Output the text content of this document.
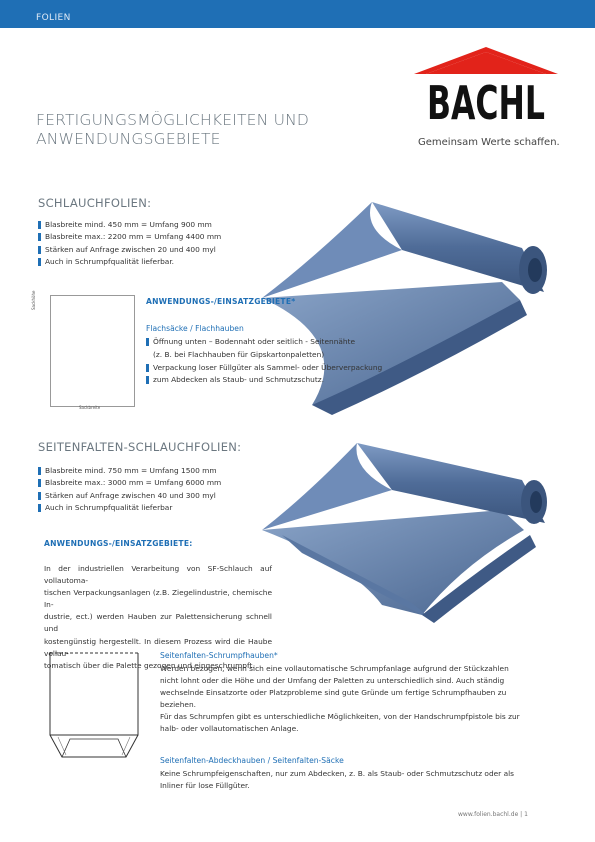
FOLIEN
BACHL
Gemeinsam Werte schaffen.
FERTIGUNGSMÖGLICHKEITEN UND
ANWENDUNGSGEBIETE
SCHLAUCHFOLIEN:
Blasbreite mind. 450 mm = Umfang 900 mm
Blasbreite max.: 2200 mm = Umfang 4400 mm
Stärken auf Anfrage zwischen 20 und 400 myl
Auch in Schrumpfqualität lieferbar.
Sackhöhe
Sackbreite
ANWENDUNGS-/EINSATZGEBIETE*
Flachsäcke / Flachhauben
Öffnung unten – Bodennaht oder seitlich - Seitennähte
(z. B. bei Flachhauben für Gipskartonpaletten)
Verpackung loser Füllgüter als Sammel- oder Überverpackung
zum Abdecken als Staub- und Schmutzschutz.
SEITENFALTEN-SCHLAUCHFOLIEN:
Blasbreite mind. 750 mm = Umfang 1500 mm
Blasbreite max.: 3000 mm = Umfang 6000 mm
Stärken auf Anfrage zwischen 40 und 300 myl
Auch in Schrumpfqualität lieferbar
ANWENDUNGS-/EINSATZGEBIETE:
In der industriellen Verarbeitung von SF-Schlauch auf vollautoma-
tischen Verpackungsanlagen (z.B. Ziegelindustrie, chemische In-
dustrie, ect.) werden Hauben zur Palettensicherung schnell und
kostengünstig hergestellt. In diesem Prozess wird die Haube vollau-
tomatisch über die Palette gezogen und eingeschrumpft.
Seitenfalten-Schrumpfhauben*
Werden bezogen, wenn sich eine vollautomatische Schrumpfanlage aufgrund der Stückzahlen
nicht lohnt oder die Höhe und der Umfang der Paletten zu unterschiedlich sind. Auch ständig
wechselnde Einsatzorte oder Platzprobleme sind gute Gründe um fertige Schrumpfhauben zu
beziehen.
Für das Schrumpfen gibt es unterschiedliche Möglichkeiten, von der Handschrumpfpistole bis zur
halb- oder vollautomatischen Anlage.
Seitenfalten-Abdeckhauben / Seitenfalten-Säcke
Keine Schrumpfeigenschaften, nur zum Abdecken, z. B. als Staub- oder Schmutzschutz oder als
Inliner für lose Füllgüter.
www.folien.bachl.de | 1
